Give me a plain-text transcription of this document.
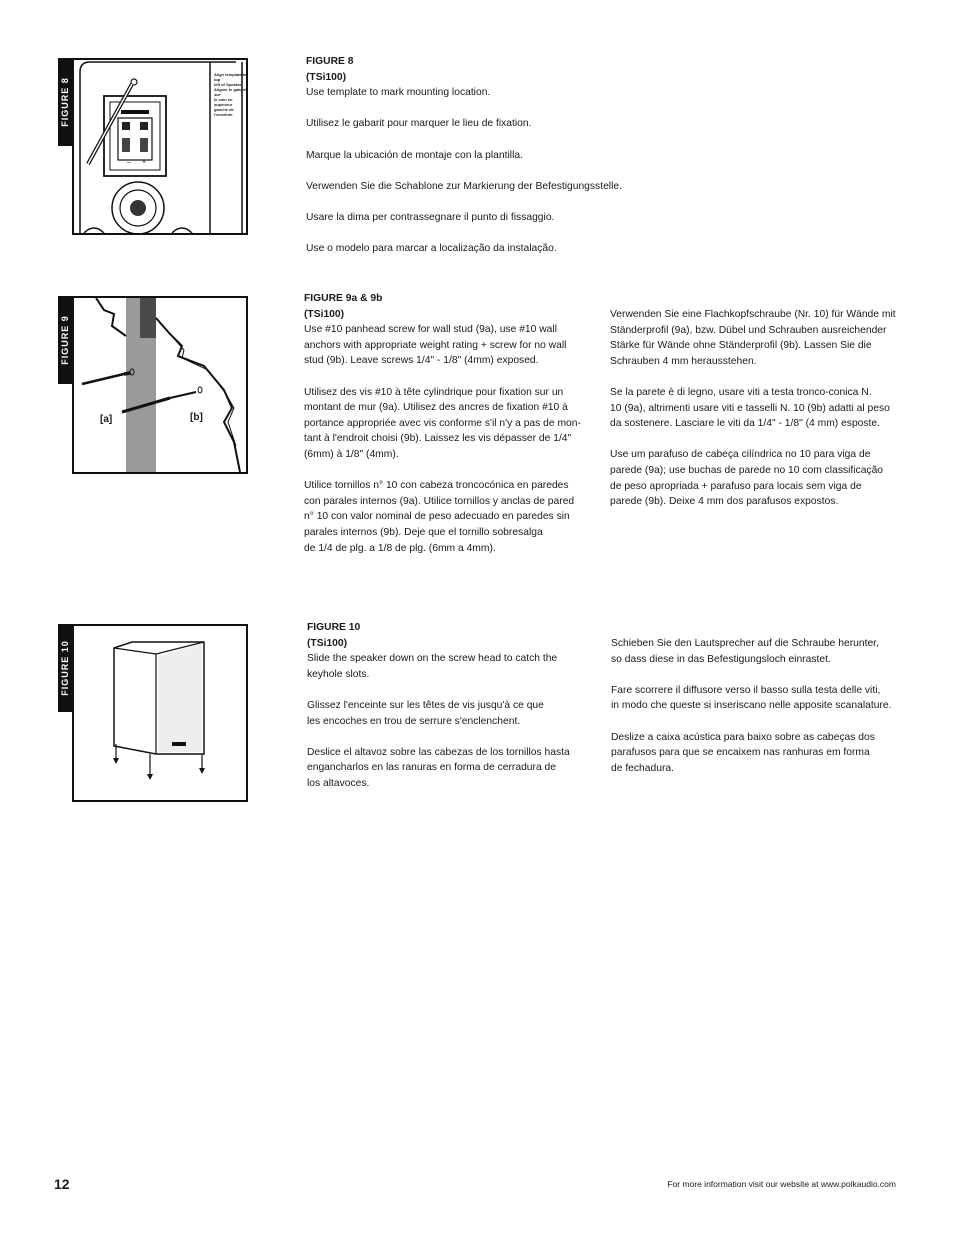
FIGURE 8
Align template to top
left of Speaker
Aligner le gabarit sur
le coin en supérieur
gauche de l'enceinte.
– +

FIGURE 8

(TSi100)

Use template to mark mounting location.

Utilisez le gabarit pour marquer le lieu de fixation.

Marque la ubicación de montaje con la plantilla.

Verwenden Sie die Schablone zur Markierung der Befestigungsstelle.

Usare la dima per contrassegnare il punto di fissaggio.

Use o modelo para marcar a localização da instalação.

FIGURE 9
[a]	[b]

FIGURE 9a & 9b

(TSi100)

Use #10 panhead screw for wall stud (9a), use #10 wall
anchors with appropriate weight rating + screw for no wall
stud (9b). Leave screws 1/4" - 1/8" (4mm) exposed.

Utilisez des vis #10 à tête cylindrique pour fixation sur un
montant de mur (9a). Utilisez des ancres de fixation #10 à
portance appropriée avec vis conforme s'il n'y a pas de mon-
tant à l'endroit choisi (9b). Laissez les vis dépasser de 1/4"
(6mm) à 1/8" (4mm).

Utilice tornillos n° 10 con cabeza troncocónica en paredes
con parales internos (9a). Utilice tornillos y anclas de pared
n° 10 con valor nominal de peso adecuado en paredes sin
parales internos (9b). Deje que el tornillo sobresalga
de 1/4 de plg. a 1/8 de plg. (6mm a 4mm).

Verwenden Sie eine Flachkopfschraube (Nr. 10) für Wände mit
Ständerprofil (9a), bzw. Dübel und Schrauben ausreichender
Stärke für Wände ohne Ständerprofil (9b). Lassen Sie die
Schrauben 4 mm herausstehen.

Se la parete è di legno, usare viti a testa tronco-conica N.
10 (9a), altrimenti usare viti e tasselli N. 10 (9b) adatti al peso
da sostenere. Lasciare le viti da 1/4" - 1/8" (4 mm) esposte.

Use um parafuso de cabeça cilíndrica no 10 para viga de
parede (9a); use buchas de parede no 10 com classificação
de peso apropriada + parafuso para locais sem viga de
parede (9b). Deixe 4 mm dos parafusos expostos.

FIGURE 10

FIGURE 10

(TSi100)

Slide the speaker down on the screw head to catch the
keyhole slots.

Glissez l'enceinte sur les têtes de vis jusqu'à ce que
les encoches en trou de serrure s'enclenchent.

Deslice el altavoz sobre las cabezas de los tornillos hasta
engancharlos en las ranuras en forma de cerradura de
los altavoces.

Schieben Sie den Lautsprecher auf die Schraube herunter,
so dass diese in das Befestigungsloch einrastet.

Fare scorrere il diffusore verso il basso sulla testa delle viti,
in modo che queste si inseriscano nelle apposite scanalature.

Deslize a caixa acústica para baixo sobre as cabeças dos
parafusos para que se encaixem nas ranhuras em forma
de fechadura.

12	For more information visit our website at www.polkaudio.com
